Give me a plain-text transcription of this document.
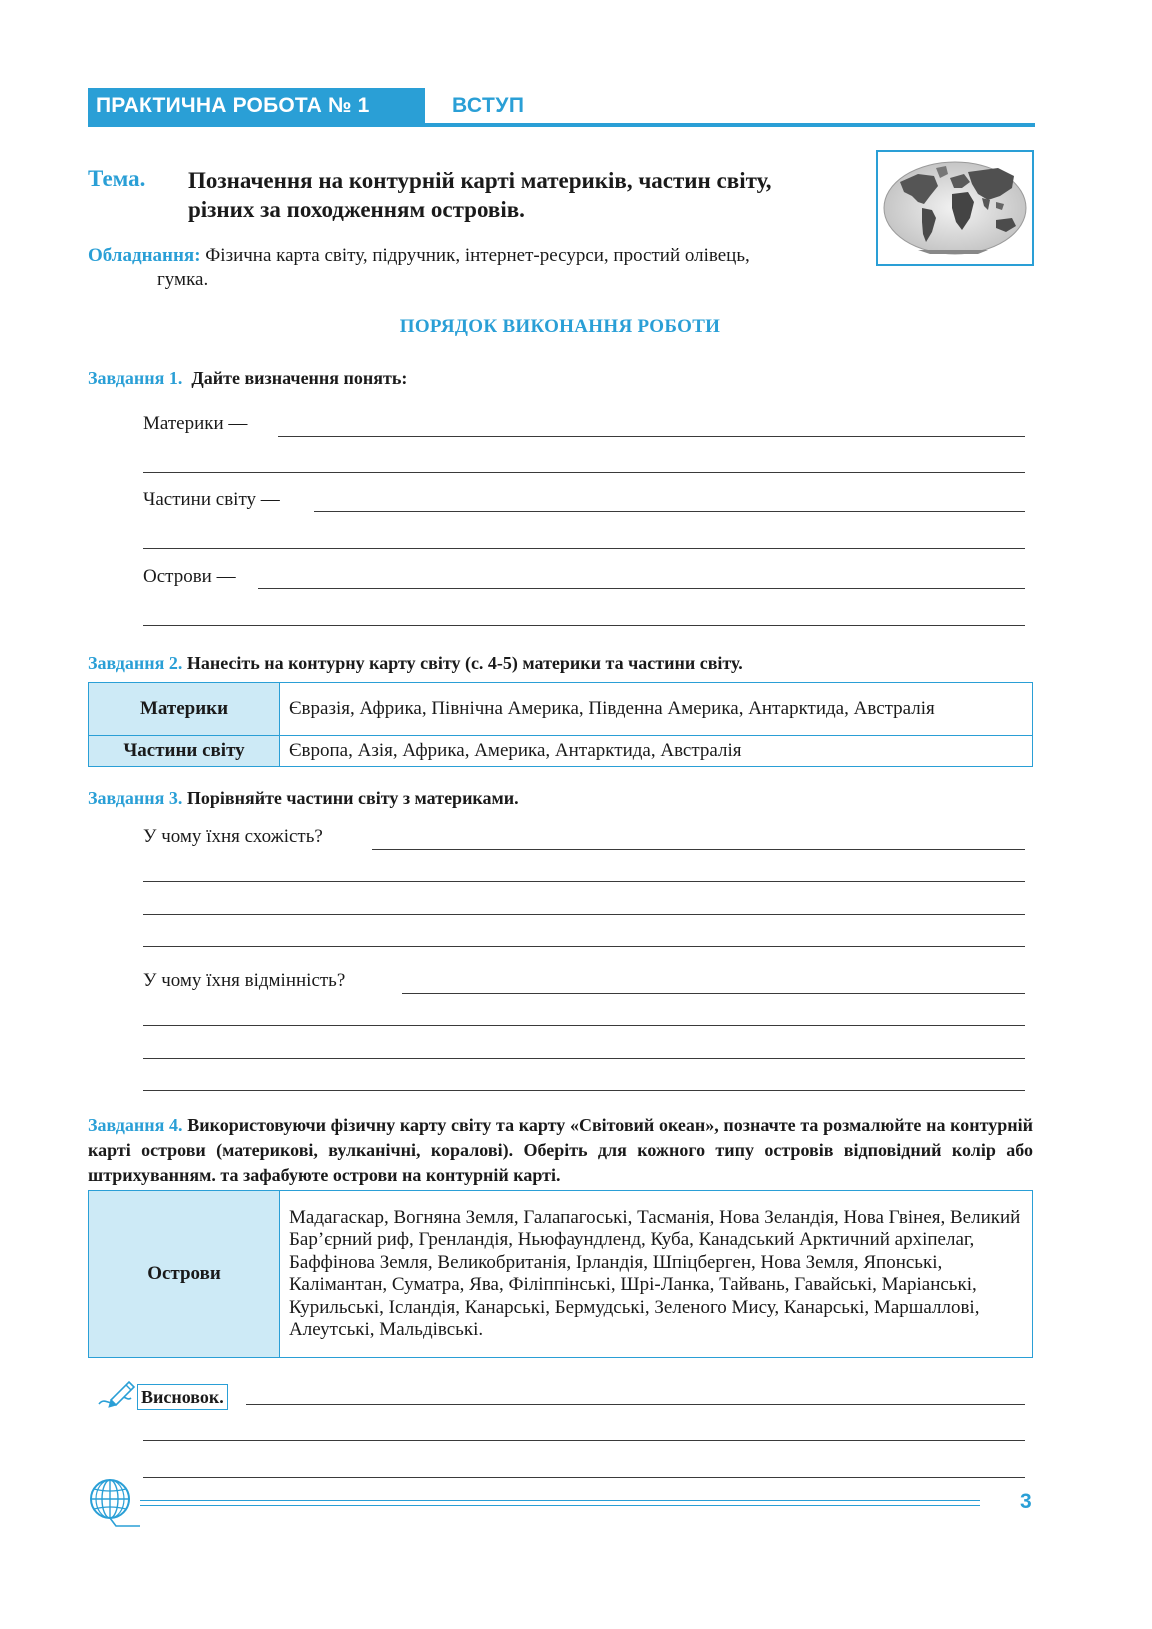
ПРАКТИЧНА РОБОТА № 1	ВСТУП
Тема. Позначення на контурній карті материків, частин світу, різних за походженням островів.
Обладнання: Фізична карта світу, підручник, інтернет-ресурси, простий олівець,
гумка.
ПОРЯДОК ВИКОНАННЯ РОБОТИ
Завдання 1. Дайте визначення понять:
Материки —
Частини світу —
Острови —
Завдання 2. Нанесіть на контурну карту світу (с. 4-5) материки та частини світу.
Материки	Євразія, Африка, Північна Америка, Південна Америка, Антарктида, Австралія
Частини світу	Європа, Азія, Африка, Америка, Антарктида, Австралія
Завдання 3. Порівняйте частини світу з материками.
У чому їхня схожість?
У чому їхня відмінність?
Завдання 4. Використовуючи фізичну карту світу та карту «Світовий океан», позначте та розмалюйте на контурній карті острови (материкові, вулканічні, коралові). Оберіть для кожного типу островів відповідний колір або штрихуванням. та зафабуюте острови на контурній карті.
Острови	Мадагаскар, Вогняна Земля, Галапагоські, Тасманія, Нова Зеландія, Нова Гвінея, Великий Бар’єрний риф, Гренландія, Ньюфаундленд, Куба, Канадський Арктичний архіпелаг, Баффінова Земля, Великобританія, Ірландія, Шпіцберген, Нова Земля, Японські, Калімантан, Суматра, Ява, Філіппінські, Шрі-Ланка, Тайвань, Гавайські, Маріанські, Курильські, Ісландія, Канарські, Бермудські, Зеленого Мису, Канарські, Маршаллові, Алеутські, Мальдівські.
Висновок.
3
